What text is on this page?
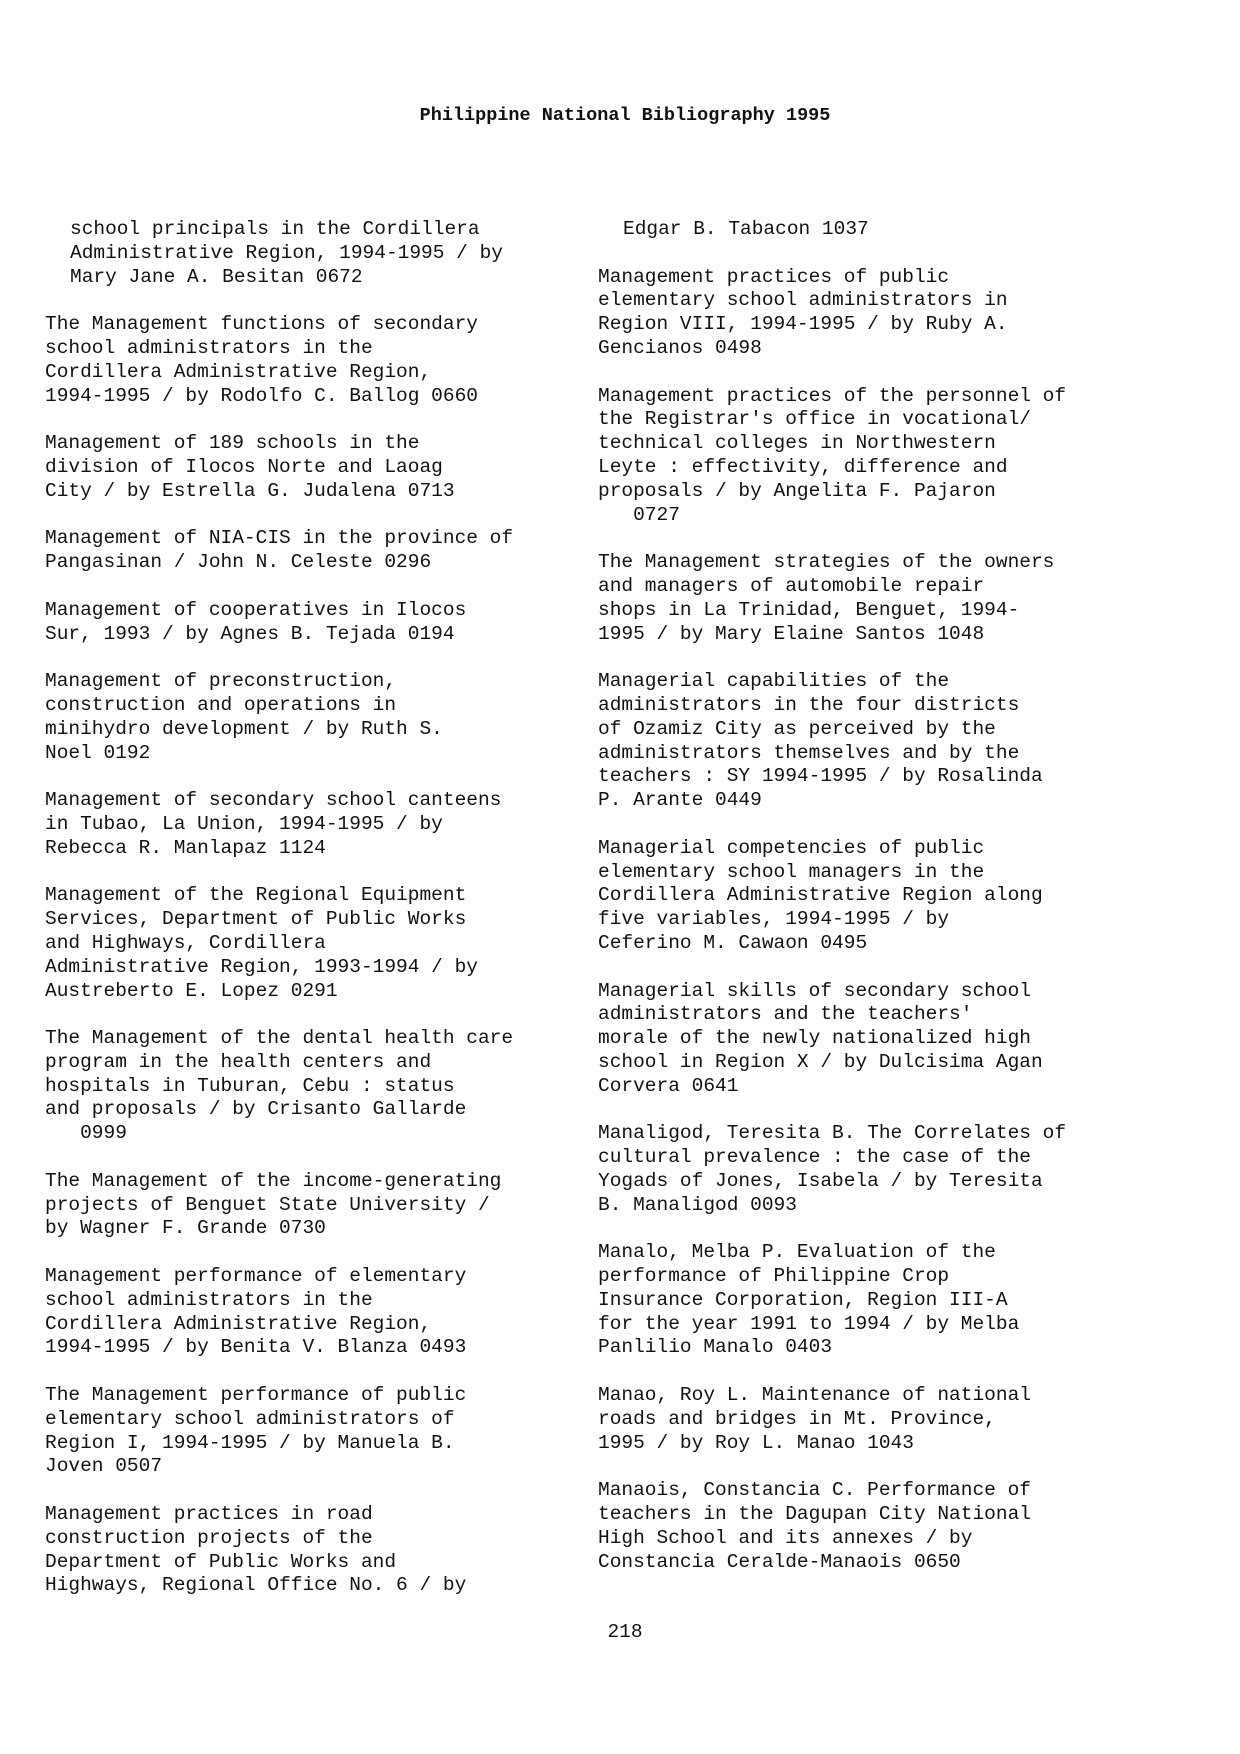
Philippine National Bibliography 1995
school principals in the Cordillera
Administrative Region, 1994-1995 / by
Mary Jane A. Besitan 0672
The Management functions of secondary
school administrators in the
Cordillera Administrative Region,
1994-1995 / by Rodolfo C. Ballog 0660
Management of 189 schools in the
division of Ilocos Norte and Laoag
City / by Estrella G. Judalena 0713
Management of NIA-CIS in the province of
Pangasinan / John N. Celeste 0296
Management of cooperatives in Ilocos
Sur, 1993 / by Agnes B. Tejada 0194
Management of preconstruction,
construction and operations in
minihydro development / by Ruth S.
Noel 0192
Management of secondary school canteens
in Tubao, La Union, 1994-1995 / by
Rebecca R. Manlapaz 1124
Management of the Regional Equipment
Services, Department of Public Works
and Highways, Cordillera
Administrative Region, 1993-1994 / by
Austreberto E. Lopez 0291
The Management of the dental health care
program in the health centers and
hospitals in Tuburan, Cebu : status
and proposals / by Crisanto Gallarde
0999
The Management of the income-generating
projects of Benguet State University /
by Wagner F. Grande 0730
Management performance of elementary
school administrators in the
Cordillera Administrative Region,
1994-1995 / by Benita V. Blanza 0493
The Management performance of public
elementary school administrators of
Region I, 1994-1995 / by Manuela B.
Joven 0507
Management practices in road
construction projects of the
Department of Public Works and
Highways, Regional Office No. 6 / by
Edgar B. Tabacon 1037
Management practices of public
elementary school administrators in
Region VIII, 1994-1995 / by Ruby A.
Gencianos 0498
Management practices of the personnel of
the Registrar's office in vocational/
technical colleges in Northwestern
Leyte : effectivity, difference and
proposals / by Angelita F. Pajaron
0727
The Management strategies of the owners
and managers of automobile repair
shops in La Trinidad, Benguet, 1994-
1995 / by Mary Elaine Santos 1048
Managerial capabilities of the
administrators in the four districts
of Ozamiz City as perceived by the
administrators themselves and by the
teachers : SY 1994-1995 / by Rosalinda
P. Arante 0449
Managerial competencies of public
elementary school managers in the
Cordillera Administrative Region along
five variables, 1994-1995 / by
Ceferino M. Cawaon 0495
Managerial skills of secondary school
administrators and the teachers'
morale of the newly nationalized high
school in Region X / by Dulcisima Agan
Corvera 0641
Manaligod, Teresita B. The Correlates of
cultural prevalence : the case of the
Yogads of Jones, Isabela / by Teresita
B. Manaligod 0093
Manalo, Melba P. Evaluation of the
performance of Philippine Crop
Insurance Corporation, Region III-A
for the year 1991 to 1994 / by Melba
Panlilio Manalo 0403
Manao, Roy L. Maintenance of national
roads and bridges in Mt. Province,
1995 / by Roy L. Manao 1043
Manaois, Constancia C. Performance of
teachers in the Dagupan City National
High School and its annexes / by
Constancia Ceralde-Manaois 0650
218
